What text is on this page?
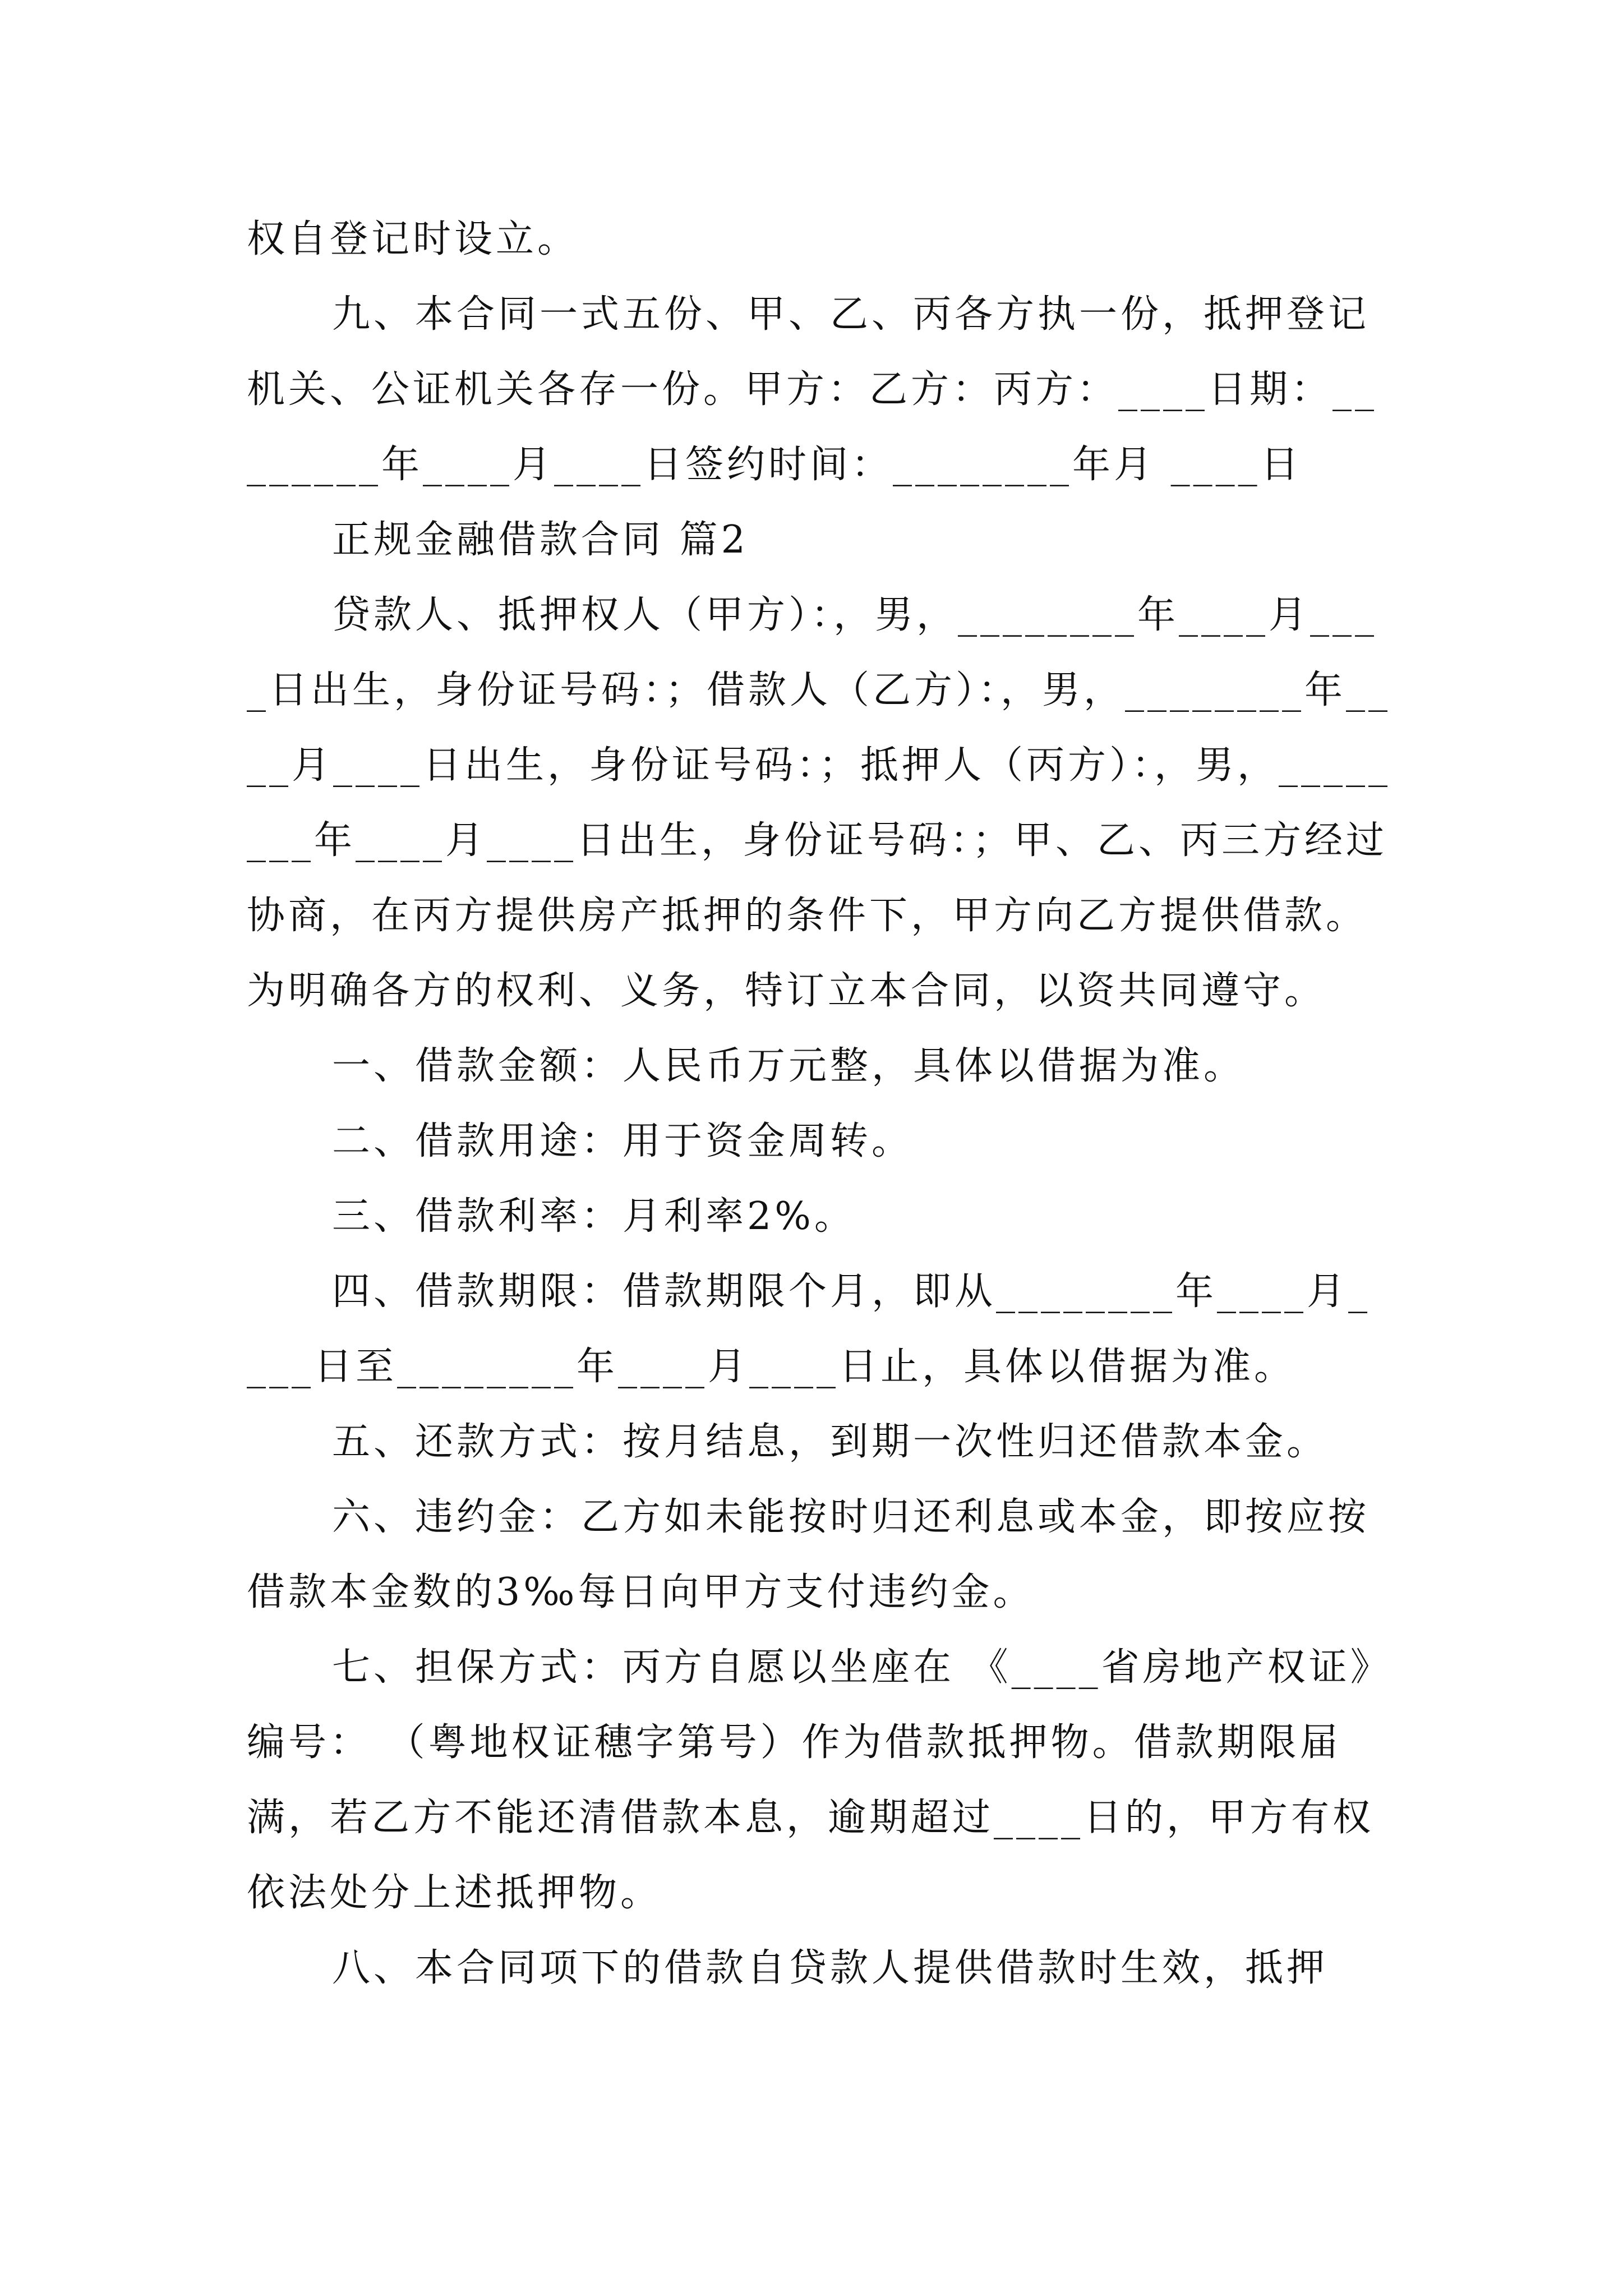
权自登记时设立。

九、本合同一式五份、甲、乙、丙各方执一份，抵押登记机关、公证机关各存一份。甲方：乙方：丙方：____日期：________年____月____日签约时间：________年月 ____日

正规金融借款合同 篇2

贷款人、抵押权人（甲方）：，男，________年____月____日出生，身份证号码：；借款人（乙方）：，男，________年____月____日出生，身份证号码：；抵押人（丙方）：，男，________年____月____日出生，身份证号码：；甲、乙、丙三方经过协商，在丙方提供房产抵押的条件下，甲方向乙方提供借款。为明确各方的权利、义务，特订立本合同，以资共同遵守。

一、借款金额：人民币万元整，具体以借据为准。

二、借款用途：用于资金周转。

三、借款利率：月利率2%。

四、借款期限：借款期限个月，即从________年____月____日至________年____月____日止，具体以借据为准。

五、还款方式：按月结息，到期一次性归还借款本金。

六、违约金：乙方如未能按时归还利息或本金，即按应按借款本金数的3‰每日向甲方支付违约金。

七、担保方式：丙方自愿以坐座在 《____省房地产权证》编号： （粤地权证穗字第号）作为借款抵押物。借款期限届满，若乙方不能还清借款本息，逾期超过____日的，甲方有权依法处分上述抵押物。

八、本合同项下的借款自贷款人提供借款时生效，抵押
